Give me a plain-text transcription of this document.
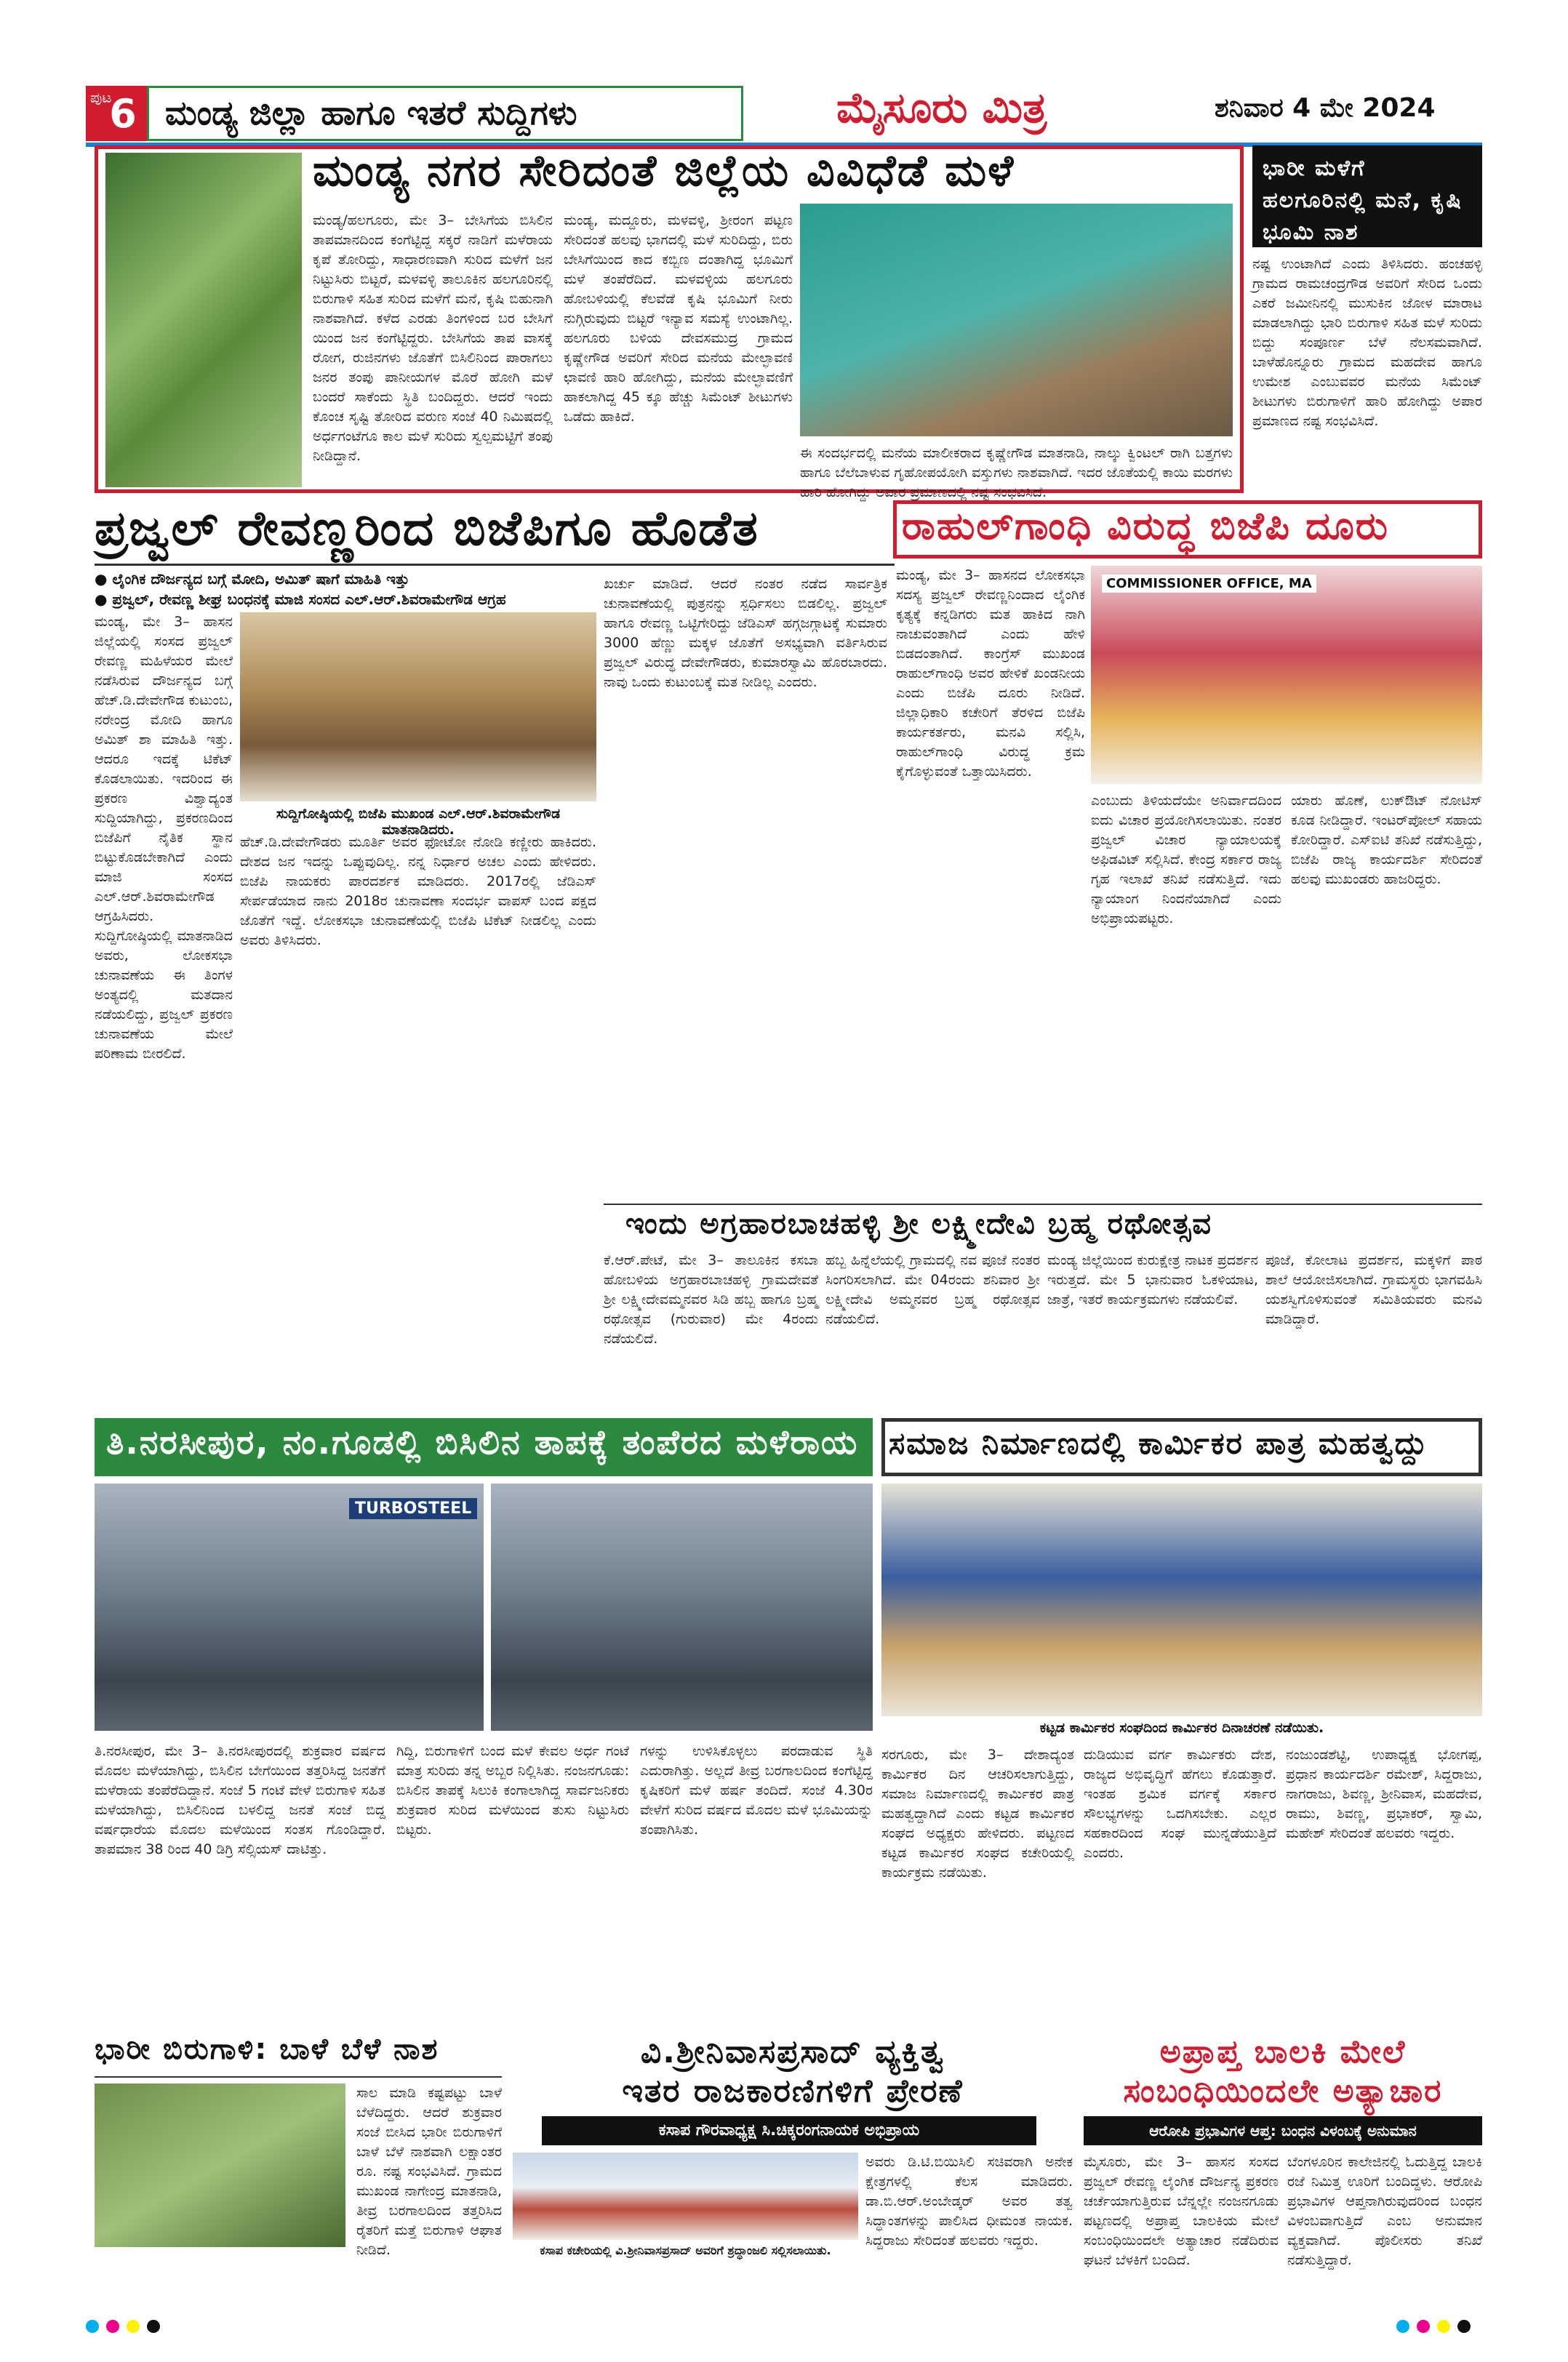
ಪುಟ
6 ಮಂಡ್ಯ ಜಿಲ್ಲಾ ಹಾಗೂ ಇತರೆ ಸುದ್ದಿಗಳು	ಮೈಸೂರು ಮಿತ್ರ	ಶನಿವಾರ 4 ಮೇ 2024
ಮಂಡ್ಯ ನಗರ ಸೇರಿದಂತೆ ಜಿಲ್ಲೆಯ ವಿವಿಧೆಡೆ ಮಳೆ
ಮಂಡ್ಯ/ಹಲಗೂರು, ಮೇ 3– ಬೇಸಿಗೆಯ ಬಿಸಿಲಿನ ತಾಪಮಾನದಿಂದ ಕಂಗೆಟ್ಟಿದ್ದ ಸಕ್ಕರೆ ನಾಡಿಗೆ ಮಳೆರಾಯ ಕೃಪೆ ತೋರಿದ್ದು, ಸಾಧಾರಣವಾಗಿ ಸುರಿದ ಮಳೆಗೆ ಜನ ನಿಟ್ಟುಸಿರು ಬಿಟ್ಟರೆ, ಮಳವಳ್ಳಿ ತಾಲೂಕಿನ ಹಲಗೂರಿನಲ್ಲಿ ಬಿರುಗಾಳಿ ಸಹಿತ ಸುರಿದ ಮಳೆಗೆ ಮನೆ, ಕೃಷಿ ಬಿಹುನಾಗಿ ನಾಶವಾಗಿದೆ. ಕಳೆದ ಎರಡು ತಿಂಗಳಿಂದ ಬರ ಬೇಸಿಗೆ ಯಿಂದ ಜನ ಕಂಗೆಟ್ಟಿದ್ದರು. ಬೇಸಿಗೆಯ ತಾಪ ವಾಸಕ್ಕೆ ರೋಗ, ರುಜಿನಗಳು ಜೊತೆಗೆ ಬಿಸಿಲಿನಿಂದ ಪಾರಾಗಲು ಜನರ ತಂಪು ಪಾನೀಯಗಳ ಮೊರೆ ಹೋಗಿ ಮಳೆ ಬಂದರೆ ಸಾಕೆಂದು ಸ್ಥಿತಿ ಬಂದಿದ್ದರು. ಆದರೆ ಇಂದು ಕೊಂಚ ಸೃಷ್ಟಿ ತೋರಿದ ವರುಣ ಸಂಜೆ 40 ನಿಮಿಷದಲ್ಲಿ ಅರ್ಧಗಂಟೆಗೂ ಕಾಲ ಮಳೆ ಸುರಿದು ಸ್ವಲ್ಪಮಟ್ಟಿಗೆ ತಂಪು ನೀಡಿದ್ದಾನೆ.
ಮಂಡ್ಯ, ಮದ್ದೂರು, ಮಳವಳ್ಳಿ, ಶ್ರೀರಂಗ ಪಟ್ಟಣ ಸೇರಿದಂತೆ ಹಲವು ಭಾಗದಲ್ಲಿ ಮಳೆ ಸುರಿದಿದ್ದು, ಬಿರು ಬೇಸಿಗೆಯಿಂದ ಕಾದ ಕಬ್ಬಿಣ ದಂತಾಗಿದ್ದ ಭೂಮಿಗೆ ಮಳೆ ತಂಪೆರೆದಿದೆ. ಮಳವಳ್ಳಿಯ ಹಲಗೂರು ಹೋಬಳಿಯಲ್ಲಿ ಕೆಲವೆಡೆ ಕೃಷಿ ಭೂಮಿಗೆ ನೀರು ನುಗ್ಗಿರುವುದು ಬಿಟ್ಟರೆ ಇನ್ಯಾವ ಸಮಸ್ಯೆ ಉಂಟಾಗಿಲ್ಲ. ಹಲಗೂರು ಬಳಿಯ ದೇವಸಮುದ್ರ ಗ್ರಾಮದ ಕೃಷ್ಣೇಗೌಡ ಅವರಿಗೆ ಸೇರಿದ ಮನೆಯ ಮೇಲ್ಛಾವಣಿ ಛಾವಣಿ ಹಾರಿ ಹೋಗಿದ್ದು, ಮನೆಯ ಮೇಲ್ಛಾವಣಿಗೆ ಹಾಕಲಾಗಿದ್ದ 45 ಕ್ಕೂ ಹೆಚ್ಚು ಸಿಮೆಂಟ್ ಶೀಟುಗಳು ಒಡೆದು ಹಾಕಿದೆ.
ಈ ಸಂದರ್ಭದಲ್ಲಿ ಮನೆಯ ಮಾಲೀಕರಾದ ಕೃಷ್ಣೇಗೌಡ ಮಾತನಾಡಿ, ನಾಲ್ಕು ಕ್ವಿಂಟಲ್ ರಾಗಿ ಬತ್ತಗಳು ಹಾಗೂ ಬೆಲೆಬಾಳುವ ಗೃಹೋಪಯೋಗಿ ವಸ್ತುಗಳು ನಾಶವಾಗಿದೆ. ಇದರ ಜೊತೆಯಲ್ಲಿ ಕಾಯಿ ಮರಗಳು ಹಾರಿ ಹೋಗಿದ್ದು ಅಪಾರ ಪ್ರಮಾಣದಲ್ಲಿ ನಷ್ಟ ಸಂಭವಿಸಿದೆ.
ಭಾರೀ ಮಳೆಗೆ ಹಲಗೂರಿನಲ್ಲಿ ಮನೆ, ಕೃಷಿ ಭೂಮಿ ನಾಶ
ನಷ್ಟ ಉಂಟಾಗಿದೆ ಎಂದು ತಿಳಿಸಿದರು. ಹಂಚಹಳ್ಳಿ ಗ್ರಾಮದ ರಾಮಚಂದ್ರಗೌಡ ಅವರಿಗೆ ಸೇರಿದ ಒಂದು ಎಕರೆ ಜಮೀನಿನಲ್ಲಿ ಮುಸುಕಿನ ಜೋಳ ಮಾರಾಟ ಮಾಡಲಾಗಿದ್ದು ಭಾರಿ ಬಿರುಗಾಳಿ ಸಹಿತ ಮಳೆ ಸುರಿದು ಬಿದ್ದು ಸಂಪೂರ್ಣ ಬೆಳೆ ನೆಲಸಮವಾಗಿದೆ. ಬಾಳೆಹೊನ್ನೂರು ಗ್ರಾಮದ ಮಹದೇವ ಹಾಗೂ ಉಮೇಶ ಎಂಬುವವರ ಮನೆಯ ಸಿಮೆಂಟ್ ಶೀಟುಗಳು ಬಿರುಗಾಳಿಗೆ ಹಾರಿ ಹೋಗಿದ್ದು ಅಪಾರ ಪ್ರಮಾಣದ ನಷ್ಟ ಸಂಭವಿಸಿದೆ.
ಪ್ರಜ್ವಲ್ ರೇವಣ್ಣರಿಂದ ಬಿಜೆಪಿಗೂ ಹೊಡೆತ
● ಲೈಂಗಿಕ ದೌರ್ಜನ್ಯದ ಬಗ್ಗೆ ಮೋದಿ, ಅಮಿತ್ ಷಾಗೆ ಮಾಹಿತಿ ಇತ್ತು
● ಪ್ರಜ್ವಲ್, ರೇವಣ್ಣ ಶೀಘ್ರ ಬಂಧನಕ್ಕೆ ಮಾಜಿ ಸಂಸದ ಎಲ್.ಆರ್.ಶಿವರಾಮೇಗೌಡ ಆಗ್ರಹ
ಮಂಡ್ಯ, ಮೇ 3– ಹಾಸನ ಜಿಲ್ಲೆಯಲ್ಲಿ ಸಂಸದ ಪ್ರಜ್ವಲ್ ರೇವಣ್ಣ ಮಹಿಳೆಯರ ಮೇಲೆ ನಡೆಸಿರುವ ದೌರ್ಜನ್ಯದ ಬಗ್ಗೆ ಹೆಚ್.ಡಿ.ದೇವೇಗೌಡ ಕುಟುಂಬ, ನರೇಂದ್ರ ಮೋದಿ ಹಾಗೂ ಅಮಿತ್ ಶಾ ಮಾಹಿತಿ ಇತ್ತು. ಆದರೂ ಇದಕ್ಕೆ ಟಿಕೆಟ್ ಕೊಡಲಾಯಿತು. ಇದರಿಂದ ಈ ಪ್ರಕರಣ ವಿಶ್ವಾದ್ಯಂತ ಸುದ್ದಿಯಾಗಿದ್ದು, ಪ್ರಕರಣದಿಂದ ಬಿಜೆಪಿಗೆ ನೈತಿಕ ಸ್ಥಾನ ಬಿಟ್ಟುಕೊಡಬೇಕಾಗಿದೆ ಎಂದು ಮಾಜಿ ಸಂಸದ ಎಲ್.ಆರ್.ಶಿವರಾಮೇಗೌಡ ಆಗ್ರಹಿಸಿದರು. ಸುದ್ದಿಗೋಷ್ಠಿಯಲ್ಲಿ ಮಾತನಾಡಿದ ಅವರು, ಲೋಕಸಭಾ ಚುನಾವಣೆಯ ಈ ತಿಂಗಳ ಅಂತ್ಯದಲ್ಲಿ ಮತದಾನ ನಡೆಯಲಿದ್ದು, ಪ್ರಜ್ವಲ್ ಪ್ರಕರಣ ಚುನಾವಣೆಯ ಮೇಲೆ ಪರಿಣಾಮ ಬೀರಲಿದೆ.
ಸುದ್ದಿಗೋಷ್ಠಿಯಲ್ಲಿ ಬಿಜೆಪಿ ಮುಖಂಡ ಎಲ್.ಆರ್.ಶಿವರಾಮೇಗೌಡ ಮಾತನಾಡಿದರು.
ಹೆಚ್.ಡಿ.ದೇವೇಗೌಡರು ಮೂರ್ತಿ ಅವರ ಫೋಟೋ ನೋಡಿ ಕಣ್ಣೀರು ಹಾಕಿದರು. ದೇಶದ ಜನ ಇದನ್ನು ಒಪ್ಪುವುದಿಲ್ಲ. ನನ್ನ ನಿರ್ಧಾರ ಅಚಲ ಎಂದು ಹೇಳಿದರು. ಬಿಜೆಪಿ ನಾಯಕರು ಪಾರದರ್ಶಕ ಮಾಡಿದರು. 2017ರಲ್ಲಿ ಜೆಡಿಎಸ್ ಸೇರ್ಪಡೆಯಾದ ನಾನು 2018ರ ಚುನಾವಣಾ ಸಂದರ್ಭ ವಾಪಸ್ ಬಂದ ಪಕ್ಷದ ಜೊತೆಗೆ ಇದ್ದೆ. ಲೋಕಸಭಾ ಚುನಾವಣೆಯಲ್ಲಿ ಬಿಜೆಪಿ ಟಿಕೆಟ್ ನೀಡಲಿಲ್ಲ ಎಂದು ಅವರು ತಿಳಿಸಿದರು.
ಖರ್ಚು ಮಾಡಿದೆ. ಆದರೆ ನಂತರ ನಡೆದ ಸಾರ್ವತ್ರಿಕ ಚುನಾವಣೆಯಲ್ಲಿ ಪುತ್ರನನ್ನು ಸ್ಪರ್ಧಿಸಲು ಬಿಡಲಿಲ್ಲ. ಪ್ರಜ್ವಲ್ ಹಾಗೂ ರೇವಣ್ಣ ಒಟ್ಟಿಗೇರಿದ್ದು ಜೆಡಿಎಸ್ ಹಗ್ಗಜಗ್ಗಾಟಕ್ಕೆ ಸುಮಾರು 3000 ಹೆಣ್ಣು ಮಕ್ಕಳ ಜೊತೆಗೆ ಅಸಭ್ಯವಾಗಿ ವರ್ತಿಸಿರುವ ಪ್ರಜ್ವಲ್ ವಿರುದ್ಧ ದೇವೇಗೌಡರು, ಕುಮಾರಸ್ವಾಮಿ ಹೊರಬಾರದು. ನಾವು ಒಂದು ಕುಟುಂಬಕ್ಕೆ ಮತ ನೀಡಿಲ್ಲ ಎಂದರು.
ರಾಹುಲ್‌ಗಾಂಧಿ ವಿರುದ್ಧ ಬಿಜೆಪಿ ದೂರು
ಮಂಡ್ಯ, ಮೇ 3– ಹಾಸನದ ಲೋಕಸಭಾ ಸದಸ್ಯ ಪ್ರಜ್ವಲ್ ರೇವಣ್ಣನಿಂದಾದ ಲೈಂಗಿಕ ಕೃತ್ಯಕ್ಕೆ ಕನ್ನಡಿಗರು ಮತ ಹಾಕಿದ ನಾಗಿ ನಾಚುವಂತಾಗಿದೆ ಎಂದು ಹೇಳಿ ಬಿಡದಂತಾಗಿದೆ. ಕಾಂಗ್ರೆಸ್ ಮುಖಂಡ ರಾಹುಲ್‌ಗಾಂಧಿ ಅವರ ಹೇಳಿಕೆ ಖಂಡನೀಯ ಎಂದು ಬಿಜೆಪಿ ದೂರು ನೀಡಿದೆ. ಜಿಲ್ಲಾಧಿಕಾರಿ ಕಚೇರಿಗೆ ತೆರಳಿದ ಬಿಜೆಪಿ ಕಾರ್ಯಕರ್ತರು, ಮನವಿ ಸಲ್ಲಿಸಿ, ರಾಹುಲ್‌ಗಾಂಧಿ ವಿರುದ್ಧ ಕ್ರಮ ಕೈಗೊಳ್ಳುವಂತೆ ಒತ್ತಾಯಿಸಿದರು.
COMMISSIONER OFFICE, MA
ಎಂಬುದು ತಿಳಿಯದೆಯೇ ಅನಿರ್ವಾದದಿಂದ ಐದು ವಿಚಾರ ಪ್ರಯೋಗಿಸಲಾಯಿತು. ನಂತರ ಪ್ರಜ್ವಲ್ ವಿಚಾರ ನ್ಯಾಯಾಲಯಕ್ಕೆ ಅಫಿಡವಿಟ್ ಸಲ್ಲಿಸಿದೆ. ಕೇಂದ್ರ ಸರ್ಕಾರ ರಾಜ್ಯ ಗೃಹ ಇಲಾಖೆ ತನಿಖೆ ನಡೆಸುತ್ತಿದೆ. ಇದು ನ್ಯಾಯಾಂಗ ನಿಂದನೆಯಾಗಿದೆ ಎಂದು ಅಭಿಪ್ರಾಯಪಟ್ಟರು.
ಯಾರು ಹೊಣೆ, ಲುಕ್‌ಔಟ್ ನೋಟಿಸ್ ಕೂಡ ನೀಡಿದ್ದಾರೆ. ಇಂಟರ್‌ಪೋಲ್ ಸಹಾಯ ಕೋರಿದ್ದಾರೆ. ಎಸ್‌ಐಟಿ ತನಿಖೆ ನಡೆಸುತ್ತಿದ್ದು, ಬಿಜೆಪಿ ರಾಜ್ಯ ಕಾರ್ಯದರ್ಶಿ ಸೇರಿದಂತೆ ಹಲವು ಮುಖಂಡರು ಹಾಜರಿದ್ದರು.
ಇಂದು ಅಗ್ರಹಾರಬಾಚಹಳ್ಳಿ ಶ್ರೀ ಲಕ್ಷ್ಮೀದೇವಿ ಬ್ರಹ್ಮ ರಥೋತ್ಸವ
ಕೆ.ಆರ್.ಪೇಟೆ, ಮೇ 3– ತಾಲೂಕಿನ ಕಸಬಾ ಹೋಬಳಿಯ ಅಗ್ರಹಾರಬಾಚಹಳ್ಳಿ ಗ್ರಾಮದೇವತೆ ಶ್ರೀ ಲಕ್ಷ್ಮೀದೇವಮ್ಮನವರ ಸಿಡಿ ಹಬ್ಬ ಹಾಗೂ ಬ್ರಹ್ಮ ರಥೋತ್ಸವ (ಗುರುವಾರ) ಮೇ 4ರಂದು ನಡೆಯಲಿದೆ.
ಹಬ್ಬ ಹಿನ್ನೆಲೆಯಲ್ಲಿ ಗ್ರಾಮದಲ್ಲಿ ನವ ಪೂಜೆ ನಂತರ ಸಿಂಗರಿಸಲಾಗಿದೆ. ಮೇ 04ರಂದು ಶನಿವಾರ ಶ್ರೀ ಲಕ್ಷ್ಮೀದೇವಿ ಅಮ್ಮನವರ ಬ್ರಹ್ಮ ರಥೋತ್ಸವ ನಡೆಯಲಿದೆ.
ಮಂಡ್ಯ ಜಿಲ್ಲೆಯಿಂದ ಕುರುಕ್ಷೇತ್ರ ನಾಟಕ ಪ್ರದರ್ಶನ ಇರುತ್ತದೆ. ಮೇ 5 ಭಾನುವಾರ ಓಕಳಿಯಾಟ, ಜಾತ್ರೆ, ಇತರೆ ಕಾರ್ಯಕ್ರಮಗಳು ನಡೆಯಲಿವೆ.
ಪೂಜೆ, ಕೋಲಾಟ ಪ್ರದರ್ಶನ, ಮಕ್ಕಳಿಗೆ ಪಾಠ ಶಾಲೆ ಆಯೋಜಿಸಲಾಗಿದೆ. ಗ್ರಾಮಸ್ಥರು ಭಾಗವಹಿಸಿ ಯಶಸ್ವಿಗೊಳಿಸುವಂತೆ ಸಮಿತಿಯವರು ಮನವಿ ಮಾಡಿದ್ದಾರೆ.
ತಿ.ನರಸೀಪುರ, ನಂ.ಗೂಡಲ್ಲಿ ಬಿಸಿಲಿನ ತಾಪಕ್ಕೆ ತಂಪೆರದ ಮಳೆರಾಯ
TURBOSTEEL
ತಿ.ನರಸೀಪುರ, ಮೇ 3– ತಿ.ನರಸೀಪುರದಲ್ಲಿ ಶುಕ್ರವಾರ ವರ್ಷದ ಮೊದಲ ಮಳೆಯಾಗಿದ್ದು, ಬಿಸಿಲಿನ ಬೇಗೆಯಿಂದ ತತ್ತರಿಸಿದ್ದ ಜನತೆಗೆ ಮಳೆರಾಯ ತಂಪೆರೆದಿದ್ದಾನೆ. ಸಂಜೆ 5 ಗಂಟೆ ವೇಳೆ ಬಿರುಗಾಳಿ ಸಹಿತ ಮಳೆಯಾಗಿದ್ದು, ಬಿಸಿಲಿನಿಂದ ಬಳಲಿದ್ದ ಜನತೆ ಸಂಜೆ ಬಿದ್ದ ವರ್ಷಧಾರೆಯ ಮೊದಲ ಮಳೆಯಿಂದ ಸಂತಸ ಗೊಂಡಿದ್ದಾರೆ. ತಾಪಮಾನ 38 ರಿಂದ 40 ಡಿಗ್ರಿ ಸೆಲ್ಸಿಯಸ್ ದಾಟಿತ್ತು.
ಗಿದ್ದಿ, ಬಿರುಗಾಳಿಗೆ ಬಂದ ಮಳೆ ಕೇವಲ ಅರ್ಧ ಗಂಟೆ ಮಾತ್ರ ಸುರಿದು ತನ್ನ ಅಬ್ಬರ ನಿಲ್ಲಿಸಿತು. ನಂಜನಗೂಡು: ಬಿಸಿಲಿನ ತಾಪಕ್ಕೆ ಸಿಲುಕಿ ಕಂಗಾಲಾಗಿದ್ದ ಸಾರ್ವಜನಿಕರು ಶುಕ್ರವಾರ ಸುರಿದ ಮಳೆಯಿಂದ ತುಸು ನಿಟ್ಟುಸಿರು ಬಿಟ್ಟರು.
ಗಳನ್ನು ಉಳಿಸಿಕೊಳ್ಳಲು ಪರದಾಡುವ ಸ್ಥಿತಿ ಎದುರಾಗಿತ್ತು. ಅಲ್ಲದೆ ತೀವ್ರ ಬರಗಾಲದಿಂದ ಕಂಗೆಟ್ಟಿದ್ದ ಕೃಷಿಕರಿಗೆ ಮಳೆ ಹರ್ಷ ತಂದಿದೆ. ಸಂಜೆ 4.30ರ ವೇಳೆಗೆ ಸುರಿದ ವರ್ಷದ ಮೊದಲ ಮಳೆ ಭೂಮಿಯನ್ನು ತಂಪಾಗಿಸಿತು.
ಸಮಾಜ ನಿರ್ಮಾಣದಲ್ಲಿ ಕಾರ್ಮಿಕರ ಪಾತ್ರ ಮಹತ್ವದ್ದು
ಕಟ್ಟಡ ಕಾರ್ಮಿಕರ ಸಂಘದಿಂದ ಕಾರ್ಮಿಕರ ದಿನಾಚರಣೆ ನಡೆಯಿತು.
ಸರಗೂರು, ಮೇ 3– ದೇಶಾದ್ಯಂತ ಕಾರ್ಮಿಕರ ದಿನ ಆಚರಿಸಲಾಗುತ್ತಿದ್ದು, ಸಮಾಜ ನಿರ್ಮಾಣದಲ್ಲಿ ಕಾರ್ಮಿಕರ ಪಾತ್ರ ಮಹತ್ವದ್ದಾಗಿದೆ ಎಂದು ಕಟ್ಟಡ ಕಾರ್ಮಿಕರ ಸಂಘದ ಅಧ್ಯಕ್ಷರು ಹೇಳಿದರು. ಪಟ್ಟಣದ ಕಟ್ಟಡ ಕಾರ್ಮಿಕರ ಸಂಘದ ಕಚೇರಿಯಲ್ಲಿ ಕಾರ್ಯಕ್ರಮ ನಡೆಯಿತು.
ದುಡಿಯುವ ವರ್ಗ ಕಾರ್ಮಿಕರು ದೇಶ, ರಾಜ್ಯದ ಅಭಿವೃದ್ಧಿಗೆ ಹೆಗಲು ಕೊಡುತ್ತಾರೆ. ಇಂತಹ ಶ್ರಮಿಕ ವರ್ಗಕ್ಕೆ ಸರ್ಕಾರ ಸೌಲಭ್ಯಗಳನ್ನು ಒದಗಿಸಬೇಕು. ಎಲ್ಲರ ಸಹಕಾರದಿಂದ ಸಂಘ ಮುನ್ನಡೆಯುತ್ತಿದೆ ಎಂದರು.
ನಂಜುಂಡಶೆಟ್ಟಿ, ಉಪಾಧ್ಯಕ್ಷ ಭೋಗಪ್ಪ, ಪ್ರಧಾನ ಕಾರ್ಯದರ್ಶಿ ರಮೇಶ್, ಸಿದ್ದರಾಜು, ನಾಗರಾಜು, ಶಿವಣ್ಣ, ಶ್ರೀನಿವಾಸ, ಮಹದೇವ, ರಾಮು, ಶಿವಣ್ಣ, ಪ್ರಭಾಕರ್, ಸ್ವಾಮಿ, ಮಹೇಶ್ ಸೇರಿದಂತೆ ಹಲವರು ಇದ್ದರು.
ಭಾರೀ ಬಿರುಗಾಳಿ: ಬಾಳೆ ಬೆಳೆ ನಾಶ
ಸಾಲ ಮಾಡಿ ಕಷ್ಟಪಟ್ಟು ಬಾಳೆ ಬೆಳೆದಿದ್ದರು. ಆದರೆ ಶುಕ್ರವಾರ ಸಂಜೆ ಬೀಸಿದ ಭಾರೀ ಬಿರುಗಾಳಿಗೆ ಬಾಳೆ ಬೆಳೆ ನಾಶವಾಗಿ ಲಕ್ಷಾಂತರ ರೂ. ನಷ್ಟ ಸಂಭವಿಸಿದೆ. ಗ್ರಾಮದ ಮುಖಂಡ ನಾಗೇಂದ್ರ ಮಾತನಾಡಿ, ತೀವ್ರ ಬರಗಾಲದಿಂದ ತತ್ತರಿಸಿದ ರೈತರಿಗೆ ಮತ್ತೆ ಬಿರುಗಾಳಿ ಆಘಾತ ನೀಡಿದೆ.
ವಿ.ಶ್ರೀನಿವಾಸಪ್ರಸಾದ್ ವ್ಯಕ್ತಿತ್ವ
ಇತರ ರಾಜಕಾರಣಿಗಳಿಗೆ ಪ್ರೇರಣೆ
ಕಸಾಪ ಗೌರವಾಧ್ಯಕ್ಷ ಸಿ.ಚಿಕ್ಕರಂಗನಾಯಕ ಅಭಿಪ್ರಾಯ
ಕಸಾಪ ಕಚೇರಿಯಲ್ಲಿ ವಿ.ಶ್ರೀನಿವಾಸಪ್ರಸಾದ್ ಅವರಿಗೆ ಶ್ರದ್ಧಾಂಜಲಿ ಸಲ್ಲಿಸಲಾಯಿತು.
ಅವರು ಡಿ.ಟಿ.ಬಿಯಿಸಿಲಿ ಸಚಿವರಾಗಿ ಅನೇಕ ಕ್ಷೇತ್ರಗಳಲ್ಲಿ ಕೆಲಸ ಮಾಡಿದರು. ಡಾ.ಬಿ.ಆರ್.ಅಂಬೇಡ್ಕರ್ ಅವರ ತತ್ವ ಸಿದ್ಧಾಂತಗಳನ್ನು ಪಾಲಿಸಿದ ಧೀಮಂತ ನಾಯಕ. ಸಿದ್ದರಾಜು ಸೇರಿದಂತೆ ಹಲವರು ಇದ್ದರು.
ಅಪ್ರಾಪ್ತ ಬಾಲಕಿ ಮೇಲೆ
ಸಂಬಂಧಿಯಿಂದಲೇ ಅತ್ಯಾಚಾರ
ಆರೋಪಿ ಪ್ರಭಾವಿಗಳ ಆಪ್ತ: ಬಂಧನ ವಿಳಂಬಕ್ಕೆ ಅನುಮಾನ
ಮೈಸೂರು, ಮೇ 3– ಹಾಸನ ಸಂಸದ ಪ್ರಜ್ವಲ್ ರೇವಣ್ಣ ಲೈಂಗಿಕ ದೌರ್ಜನ್ಯ ಪ್ರಕರಣ ಚರ್ಚೆಯಾಗುತ್ತಿರುವ ಬೆನ್ನಲ್ಲೇ ನಂಜನಗೂಡು ಪಟ್ಟಣದಲ್ಲಿ ಅಪ್ರಾಪ್ತ ಬಾಲಕಿಯ ಮೇಲೆ ಸಂಬಂಧಿಯಿಂದಲೇ ಅತ್ಯಾಚಾರ ನಡೆದಿರುವ ಘಟನೆ ಬೆಳಕಿಗೆ ಬಂದಿದೆ.
ಬೆಂಗಳೂರಿನ ಕಾಲೇಜಿನಲ್ಲಿ ಓದುತ್ತಿದ್ದ ಬಾಲಕಿ ರಜೆ ನಿಮಿತ್ತ ಊರಿಗೆ ಬಂದಿದ್ದಳು. ಆರೋಪಿ ಪ್ರಭಾವಿಗಳ ಆಪ್ತನಾಗಿರುವುದರಿಂದ ಬಂಧನ ವಿಳಂಬವಾಗುತ್ತಿದೆ ಎಂಬ ಅನುಮಾನ ವ್ಯಕ್ತವಾಗಿದೆ. ಪೊಲೀಸರು ತನಿಖೆ ನಡೆಸುತ್ತಿದ್ದಾರೆ.
